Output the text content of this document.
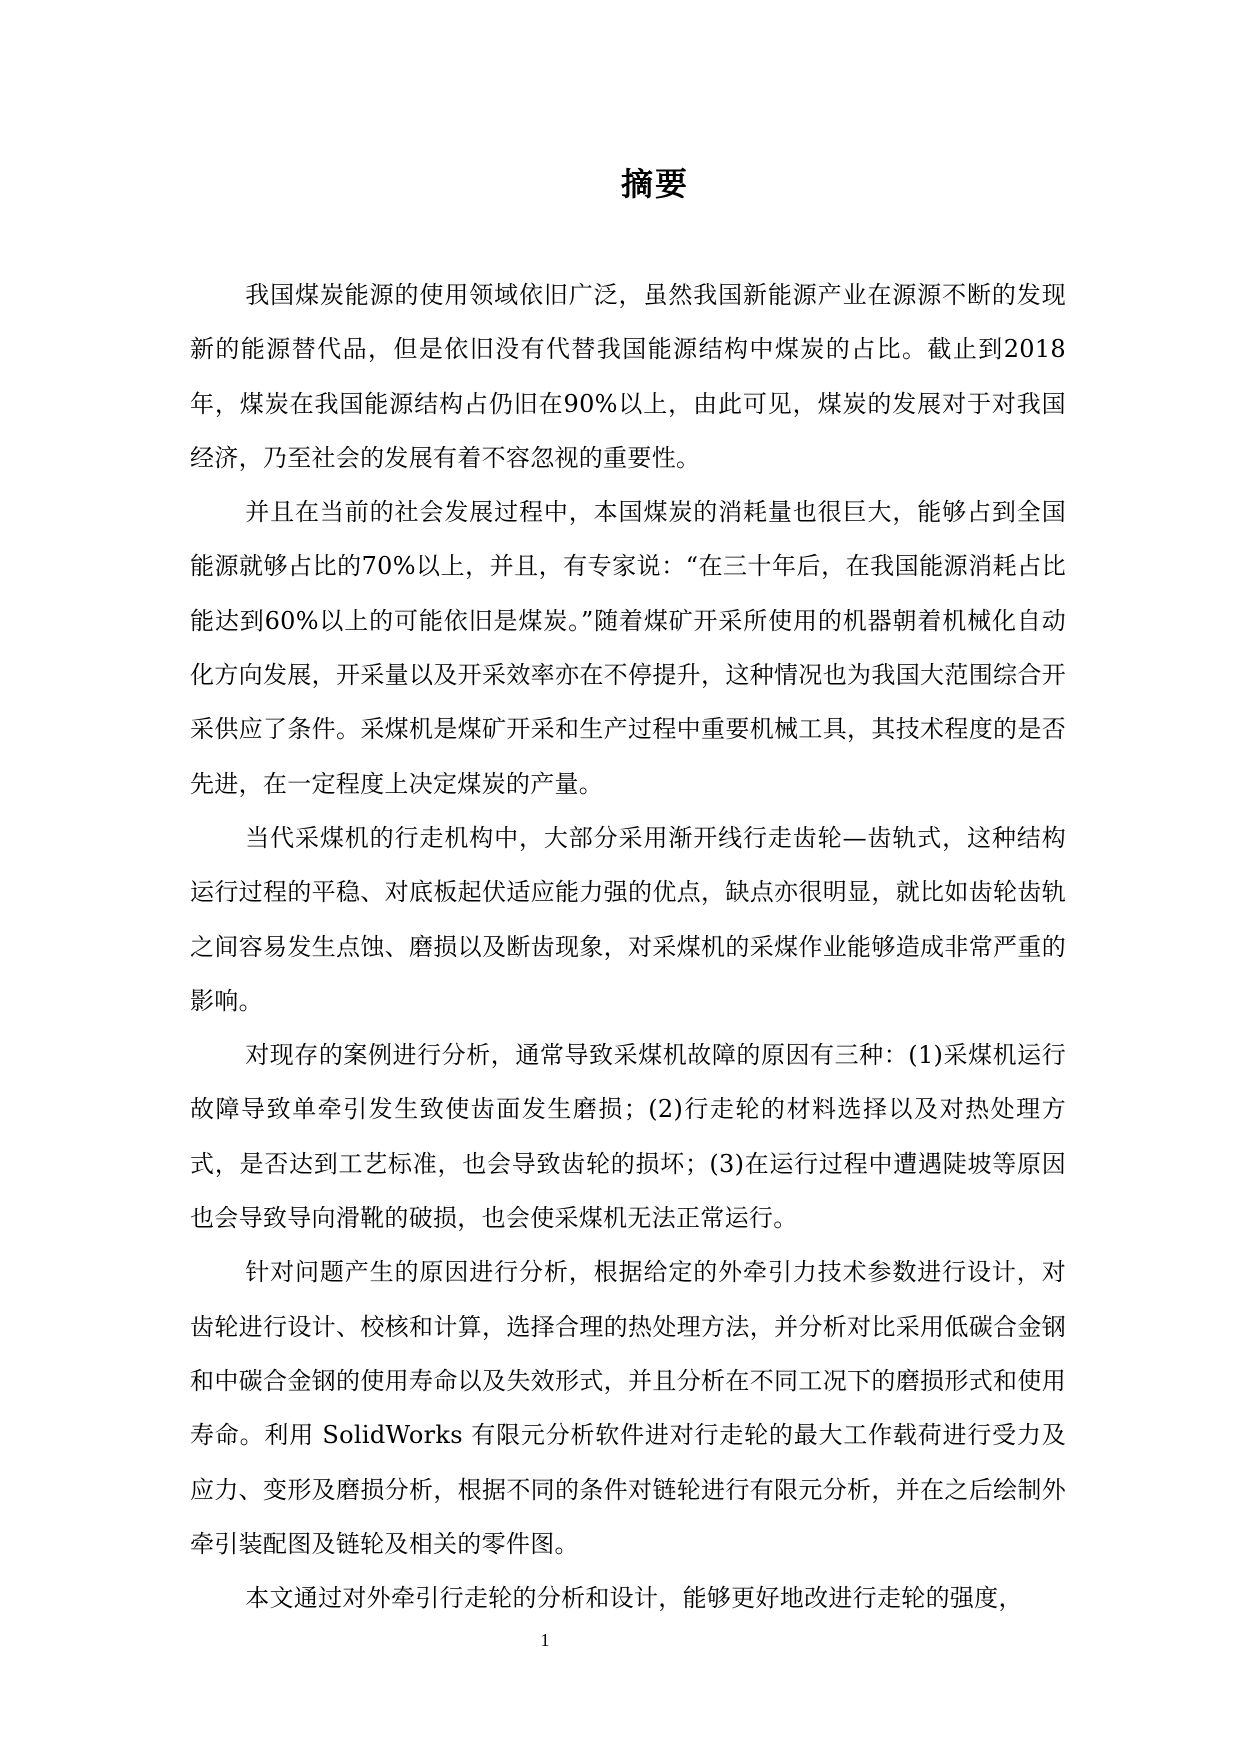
摘要

我国煤炭能源的使用领域依旧广泛，虽然我国新能源产业在源源不断的发现新的能源替代品，但是依旧没有代替我国能源结构中煤炭的占比。截止到2018年，煤炭在我国能源结构占仍旧在90%以上，由此可见，煤炭的发展对于对我国经济，乃至社会的发展有着不容忽视的重要性。

并且在当前的社会发展过程中，本国煤炭的消耗量也很巨大，能够占到全国能源就够占比的70%以上，并且，有专家说：“在三十年后，在我国能源消耗占比能达到60%以上的可能依旧是煤炭。”随着煤矿开采所使用的机器朝着机械化自动化方向发展，开采量以及开采效率亦在不停提升，这种情况也为我国大范围综合开采供应了条件。采煤机是煤矿开采和生产过程中重要机械工具，其技术程度的是否先进，在一定程度上决定煤炭的产量。

当代采煤机的行走机构中，大部分采用渐开线行走齿轮—齿轨式，这种结构运行过程的平稳、对底板起伏适应能力强的优点，缺点亦很明显，就比如齿轮齿轨之间容易发生点蚀、磨损以及断齿现象，对采煤机的采煤作业能够造成非常严重的影响。

对现存的案例进行分析，通常导致采煤机故障的原因有三种：(1)采煤机运行故障导致单牵引发生致使齿面发生磨损；(2)行走轮的材料选择以及对热处理方式，是否达到工艺标准，也会导致齿轮的损坏；(3)在运行过程中遭遇陡坡等原因也会导致导向滑靴的破损，也会使采煤机无法正常运行。

针对问题产生的原因进行分析，根据给定的外牵引力技术参数进行设计，对齿轮进行设计、校核和计算，选择合理的热处理方法，并分析对比采用低碳合金钢和中碳合金钢的使用寿命以及失效形式，并且分析在不同工况下的磨损形式和使用寿命。利用 SolidWorks 有限元分析软件进对行走轮的最大工作载荷进行受力及应力、变形及磨损分析，根据不同的条件对链轮进行有限元分析，并在之后绘制外牵引装配图及链轮及相关的零件图。

本文通过对外牵引行走轮的分析和设计，能够更好地改进行走轮的强度，

1
